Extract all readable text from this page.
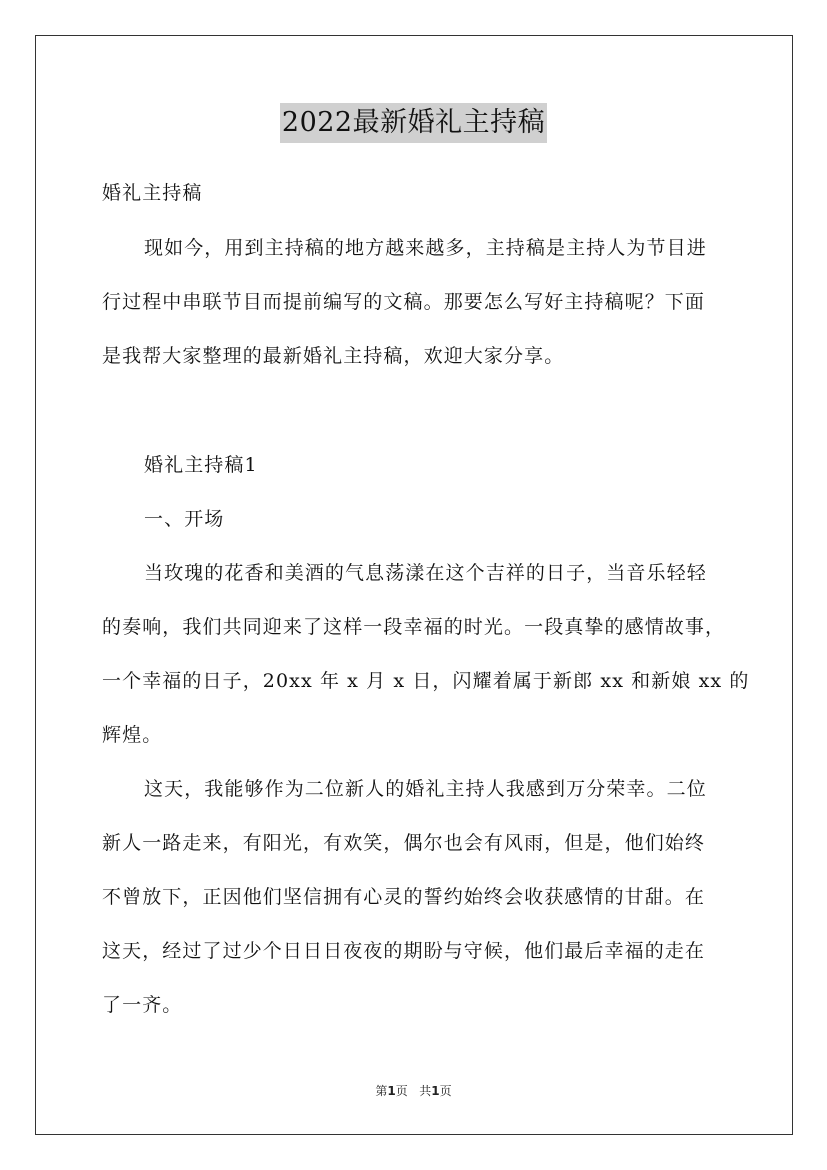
2022最新婚礼主持稿
婚礼主持稿
现如今，用到主持稿的地方越来越多，主持稿是主持人为节目进
行过程中串联节目而提前编写的文稿。那要怎么写好主持稿呢？下面
是我帮大家整理的最新婚礼主持稿，欢迎大家分享。
婚礼主持稿1
一、开场
当玫瑰的花香和美酒的气息荡漾在这个吉祥的日子，当音乐轻轻
的奏响，我们共同迎来了这样一段幸福的时光。一段真挚的感情故事，
一个幸福的日子，20xx 年 x 月 x 日，闪耀着属于新郎 xx 和新娘 xx 的
辉煌。
这天，我能够作为二位新人的婚礼主持人我感到万分荣幸。二位
新人一路走来，有阳光，有欢笑，偶尔也会有风雨，但是，他们始终
不曾放下，正因他们坚信拥有心灵的誓约始终会收获感情的甘甜。在
这天，经过了过少个日日日夜夜的期盼与守候，他们最后幸福的走在
了一齐。
第1页 共1页
